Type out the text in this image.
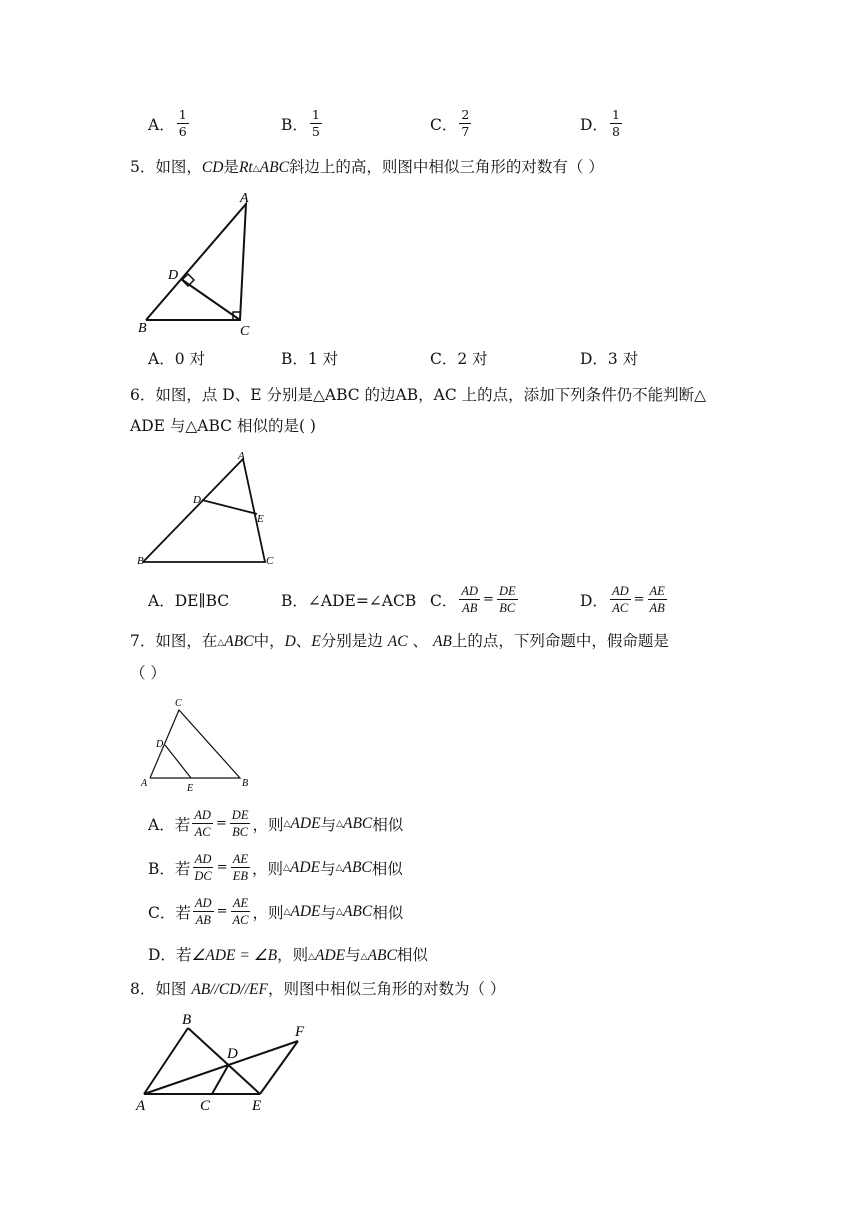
A． $\frac{1}{6}$	B． $\frac{1}{5}$	C． $\frac{2}{7}$	D． $\frac{1}{8}$
5．如图，CD是Rt△ABC斜边上的高，则图中相似三角形的对数有（ ）
A
B	C
D
A．0 对	B．1 对	C．2 对	D．3 对
6．如图，点 D、E 分别是△ABC 的边AB，AC 上的点，添加下列条件仍不能判断△
ADE 与△ABC 相似的是( )
A
B	C
D
E
A．DE∥BC	B．∠ADE=∠ACB C． $\frac{AD}{AB} = \frac{DE}{BC}$	D． $\frac{AD}{AC} = \frac{AE}{AB}$
7．如图，在△ABC中，D、E分别是边 AC 、 AB上的点，下列命题中，假命题是
（ ）
C
D
A	E	B
A． 若 $\frac{AD}{AC} = \frac{DE}{BC}$ ，则 △ ADE 与 △ ABC 相似
B． 若 $\frac{AD}{DC} = \frac{AE}{EB}$ ，则 △ ADE 与 △ ABC 相似
C． 若 $\frac{AD}{AB} = \frac{AE}{AC}$ ，则 △ ADE 与 △ ABC 相似
D．若∠ADE = ∠B，则△ADE与△ABC相似
8．如图 AB//CD//EF，则图中相似三角形的对数为（ ）
B
F
D
A	C	E
